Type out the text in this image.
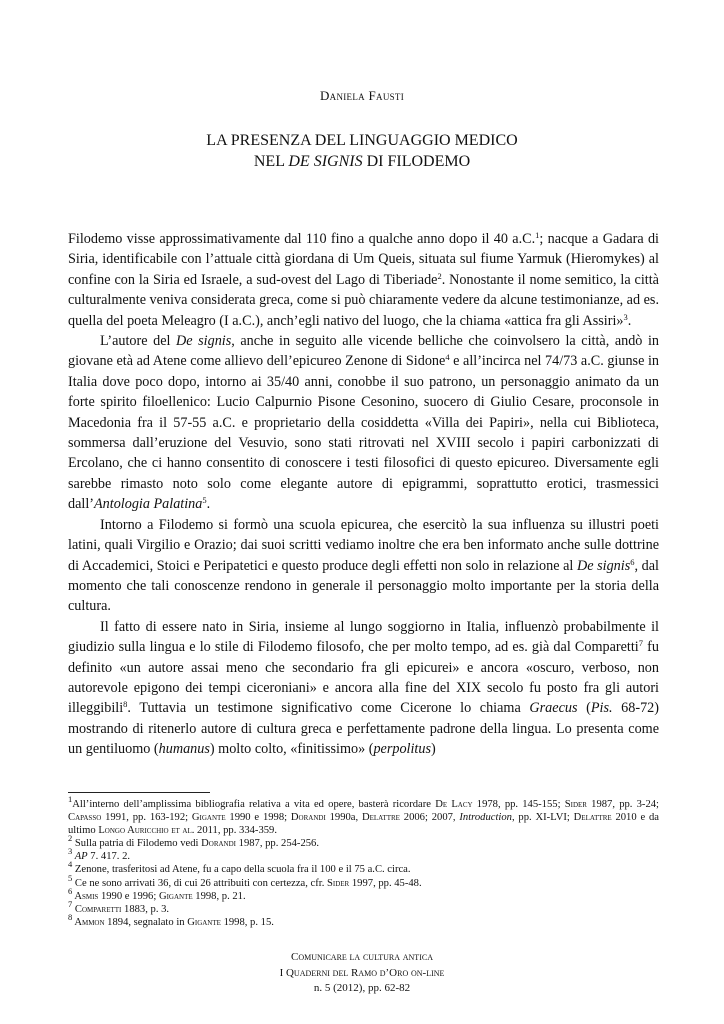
Daniela Fausti
LA PRESENZA DEL LINGUAGGIO MEDICO
NEL DE SIGNIS DI FILODEMO

Filodemo visse approssimativamente dal 110 fino a qualche anno dopo il 40 a.C.$^1$; nacque a Gadara di Siria, identificabile con l’attuale città giordana di Um Queis, situata sul fiume Yarmuk (Hieromykes) al confine con la Siria ed Israele, a sud-ovest del Lago di Tiberiade$^2$. Nonostante il nome semitico, la città culturalmente veniva considerata greca, come si può chiaramente vedere da alcune testimonianze, ad es. quella del poeta Meleagro (I a.C.), anch’egli nativo del luogo, che la chiama «attica fra gli Assiri»$^3$.

L’autore del De signis, anche in seguito alle vicende belliche che coinvolsero la città, andò in giovane età ad Atene come allievo dell’epicureo Zenone di Sidone$^4$ e all’incirca nel 74/73 a.C. giunse in Italia dove poco dopo, intorno ai 35/40 anni, conobbe il suo patrono, un personaggio animato da un forte spirito filoellenico: Lucio Calpurnio Pisone Cesonino, suocero di Giulio Cesare, proconsole in Macedonia fra il 57-55 a.C. e proprietario della cosiddetta «Villa dei Papiri», nella cui Biblioteca, sommersa dall’eruzione del Vesuvio, sono stati ritrovati nel XVIII secolo i papiri carbonizzati di Ercolano, che ci hanno consentito di conoscere i testi filosofici di questo epicureo. Diversamente egli sarebbe rimasto noto solo come elegante autore di epigrammi, soprattutto erotici, trasmessici dall’Antologia Palatina$^5$.

Intorno a Filodemo si formò una scuola epicurea, che esercitò la sua influenza su illustri poeti latini, quali Virgilio e Orazio; dai suoi scritti vediamo inoltre che era ben informato anche sulle dottrine di Accademici, Stoici e Peripatetici e questo produce degli effetti non solo in relazione al De signis$^6$, dal momento che tali conoscenze rendono in generale il personaggio molto importante per la storia della cultura.

Il fatto di essere nato in Siria, insieme al lungo soggiorno in Italia, influenzò probabilmente il giudizio sulla lingua e lo stile di Filodemo filosofo, che per molto tempo, ad es. già dal Comparetti$^7$ fu definito «un autore assai meno che secondario fra gli epicurei» e ancora «oscuro, verboso, non autorevole epigono dei tempi ciceroniani» e ancora alla fine del XIX secolo fu posto fra gli autori illeggibili$^8$. Tuttavia un testimone significativo come Cicerone lo chiama Graecus (Pis. 68-72) mostrando di ritenerlo autore di cultura greca e perfettamente padrone della lingua. Lo presenta come un gentiluomo (humanus) molto colto, «finitissimo» (perpolitus)

$^1$All’interno dell’amplissima bibliografia relativa a vita ed opere, basterà ricordare De Lacy 1978, pp. 145-155; Sider 1987, pp. 3-24; Capasso 1991, pp. 163-192; Gigante 1990 e 1998; Dorandi 1990a, Delattre 2006; 2007, Introduction, pp. XI-LVI; Delattre 2010 e da ultimo Longo Auricchio et al. 2011, pp. 334-359.
$^2$ Sulla patria di Filodemo vedi Dorandi 1987, pp. 254-256.
$^3$ AP 7. 417. 2.
$^4$ Zenone, trasferitosi ad Atene, fu a capo della scuola fra il 100 e il 75 a.C. circa.
$^5$ Ce ne sono arrivati 36, di cui 26 attribuiti con certezza, cfr. Sider 1997, pp. 45-48.
$^6$ Asmis 1990 e 1996; Gigante 1998, p. 21.
$^7$ Comparetti 1883, p. 3.
$^8$ Ammon 1894, segnalato in Gigante 1998, p. 15.
Comunicare la cultura antica
I Quaderni del Ramo d’Oro on-line
n. 5 (2012), pp. 62-82
